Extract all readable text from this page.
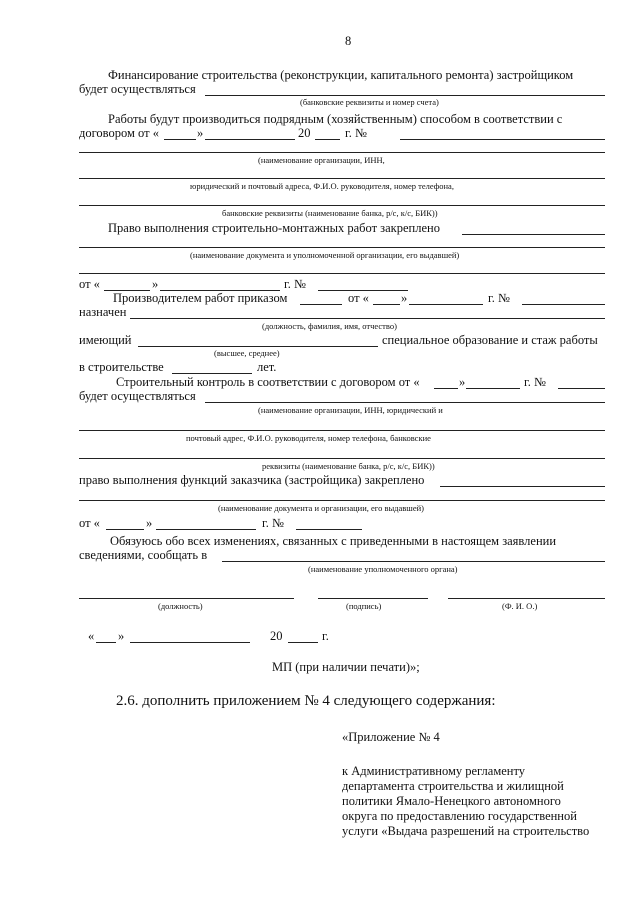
8
Финансирование строительства (реконструкции, капитального ремонта) застройщиком
будет осуществляться
(банковские реквизиты и номер счета)
Работы будут производиться подрядным (хозяйственным) способом в соответствии с
договором от «	»	20	г. №
(наименование организации, ИНН,
юридический и почтовый адреса, Ф.И.О. руководителя, номер телефона,
банковские реквизиты (наименование банка, р/с, к/с, БИК))
Право выполнения строительно-монтажных работ закреплено
(наименование документа и уполномоченной организации, его выдавшей)
от «	»	г. №
Производителем работ приказом	от «	»	г. №
назначен
(должность, фамилия, имя, отчество)
имеющий	специальное образование и стаж работы
(высшее, среднее)
в строительстве	лет.
Строительный контроль в соответствии с договором от «	»	г. №
будет осуществляться
(наименование организации, ИНН, юридический и
почтовый адрес, Ф.И.О. руководителя, номер телефона, банковские
реквизиты (наименование банка, р/с, к/с, БИК))
право выполнения функций заказчика (застройщика) закреплено
(наименование документа и организации, его выдавшей)
от «	»	г. №
Обязуюсь обо всех изменениях, связанных с приведенными в настоящем заявлении
сведениями, сообщать в
(наименование уполномоченного органа)
(должность)	(подпись)	(Ф. И. О.)
« »	20	г.
МП (при наличии печати)»;
2.6. дополнить приложением № 4 следующего содержания:
«Приложение № 4
к Административному регламенту
департамента строительства и жилищной
политики Ямало-Ненецкого автономного
округа по предоставлению государственной
услуги «Выдача разрешений на строительство
